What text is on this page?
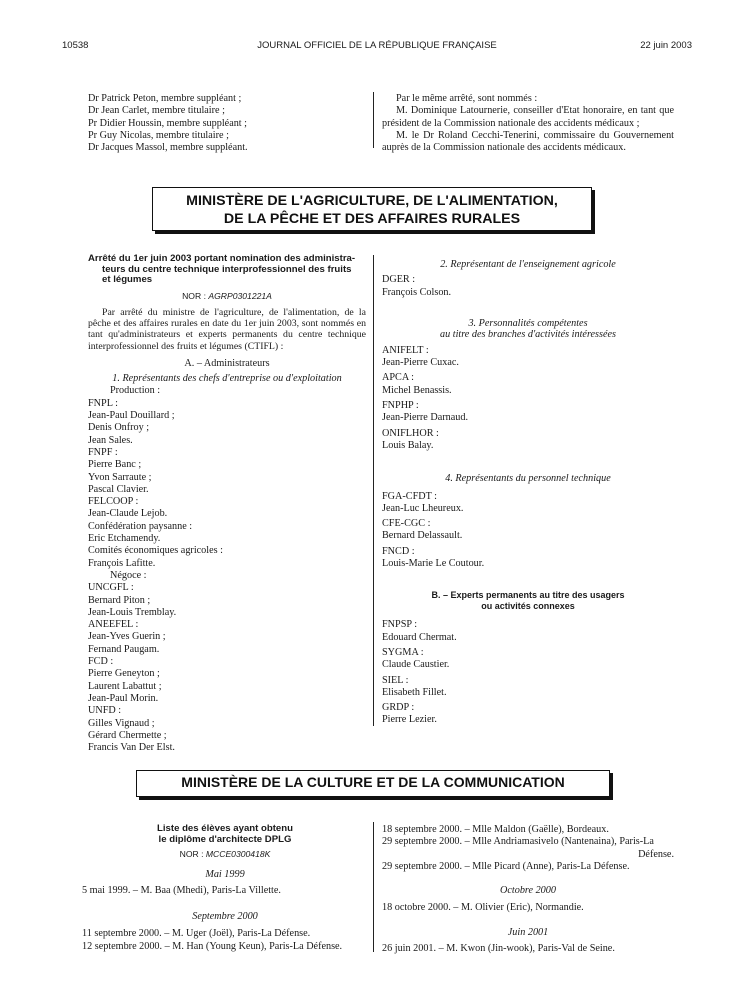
10538	JOURNAL OFFICIEL DE LA RÉPUBLIQUE FRANÇAISE	22 juin 2003
Dr Patrick Peton, membre suppléant ;
Dr Jean Carlet, membre titulaire ;
Pr Didier Houssin, membre suppléant ;
Pr Guy Nicolas, membre titulaire ;
Dr Jacques Massol, membre suppléant.
Par le même arrêté, sont nommés :
M. Dominique Latournerie, conseiller d'Etat honoraire, en tant que président de la Commission nationale des accidents médicaux ;
M. le Dr Roland Cecchi-Tenerini, commissaire du Gouvernement auprès de la Commission nationale des accidents médicaux.
MINISTÈRE DE L'AGRICULTURE, DE L'ALIMENTATION,
DE LA PÊCHE ET DES AFFAIRES RURALES
Arrêté du 1er juin 2003 portant nomination des administra-
teurs du centre technique interprofessionnel des fruits
et légumes
NOR : AGRP0301221A
Par arrêté du ministre de l'agriculture, de l'alimentation, de la pêche et des affaires rurales en date du 1er juin 2003, sont nommés en tant qu'administrateurs et experts permanents du centre technique interprofessionnel des fruits et légumes (CTIFL) :
A. – Administrateurs
1. Représentants des chefs d'entreprise ou d'exploitation
Production :
FNPL :
Jean-Paul Douillard ;
Denis Onfroy ;
Jean Sales.
FNPF :
Pierre Banc ;
Yvon Sarraute ;
Pascal Clavier.
FELCOOP :
Jean-Claude Lejob.
Confédération paysanne :
Eric Etchamendy.
Comités économiques agricoles :
François Lafitte.
Négoce :
UNCGFL :
Bernard Piton ;
Jean-Louis Tremblay.
ANEEFEL :
Jean-Yves Guerin ;
Fernand Paugam.
FCD :
Pierre Geneyton ;
Laurent Labattut ;
Jean-Paul Morin.
UNFD :
Gilles Vignaud ;
Gérard Chermette ;
Francis Van Der Elst.
2. Représentant de l'enseignement agricole
DGER :
François Colson.
3. Personnalités compétentes
au titre des branches d'activités intéressées
ANIFELT :
Jean-Pierre Cuxac.
APCA :
Michel Benassis.
FNPHP :
Jean-Pierre Darnaud.
ONIFLHOR :
Louis Balay.
4. Représentants du personnel technique
FGA-CFDT :
Jean-Luc Lheureux.
CFE-CGC :
Bernard Delassault.
FNCD :
Louis-Marie Le Coutour.
B. – Experts permanents au titre des usagers
ou activités connexes
FNPSP :
Edouard Chermat.
SYGMA :
Claude Caustier.
SIEL :
Elisabeth Fillet.
GRDP :
Pierre Lezier.
MINISTÈRE DE LA CULTURE ET DE LA COMMUNICATION
Liste des élèves ayant obtenu
le diplôme d'architecte DPLG
NOR : MCCE0300418K
Mai 1999
5 mai 1999. – M. Baa (Mhedi), Paris-La Villette.
Septembre 2000
11 septembre 2000. – M. Uger (Joël), Paris-La Défense.
12 septembre 2000. – M. Han (Young Keun), Paris-La Défense.
18 septembre 2000. – Mlle Maldon (Gaëlle), Bordeaux.
29 septembre 2000. – Mlle Andriamasivelo (Nantenaina), Paris-La
Défense.
29 septembre 2000. – Mlle Picard (Anne), Paris-La Défense.
Octobre 2000
18 octobre 2000. – M. Olivier (Eric), Normandie.
Juin 2001
26 juin 2001. – M. Kwon (Jin-wook), Paris-Val de Seine.
